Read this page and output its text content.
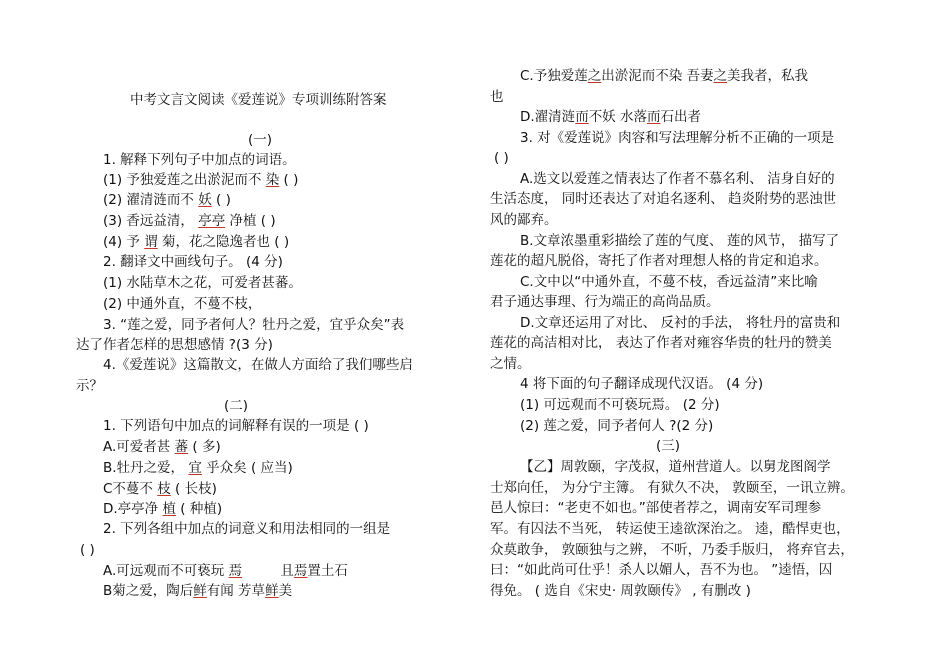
中考文言文阅读《爱莲说》专项训练附答案
(一)
1. 解释下列句子中加点的词语。
(1) 予独爱莲之出淤泥而不 染 ( )
(2) 濯清涟而不 妖 ( )
(3) 香远益清， 亭亭 净植 ( )
(4) 予 谓 菊，花之隐逸者也 ( )
2. 翻译文中画线句子。 (4 分)
(1) 水陆草木之花，可爱者甚蕃。
(2) 中通外直，不蔓不枝，
3. “莲之爱，同予者何人？牡丹之爱，宜乎众矣”表
达了作者怎样的思想感情 ?(3 分)
4.《爱莲说》这篇散文，在做人方面给了我们哪些启
示？
(二)
1. 下列语句中加点的词解释有误的一项是 ( )
A.可爱者甚 蕃 ( 多)
B.牡丹之爱， 宜 乎众矣 ( 应当)
C不蔓不 枝 ( 长枝)
D.亭亭净 植 ( 种植)
2. 下列各组中加点的词意义和用法相同的一组是
( )
A.可远观而不可亵玩 焉	且焉置土石
B菊之爱，陶后鲜有闻 芳草鲜美
C.予独爱莲之出淤泥而不染 吾妻之美我者，私我
也
D.濯清涟而不妖 水落而石出者
3. 对《爱莲说》肉容和写法理解分析不正确的一项是
( )
A.选文以爱莲之情表达了作者不慕名利、 洁身自好的
生活态度， 同时还表达了对追名逐利、 趋炎附势的恶浊世
风的鄙弃。
B.文章浓墨重彩描绘了莲的气度、 莲的风节， 描写了
莲花的超凡脱俗，寄托了作者对理想人格的肯定和追求。
C.文中以“中通外直，不蔓不枝，香远益清”来比喻
君子通达事理、行为端正的高尚品质。
D.文章还运用了对比、 反衬的手法， 将牡丹的富贵和
莲花的高洁相对比， 表达了作者对雍容华贵的牡丹的赞美
之情。
4 将下面的句子翻译成现代汉语。 (4 分)
(1) 可远观而不可亵玩焉。 (2 分)
(2) 莲之爱，同予者何人 ?(2 分)
(三)
【乙】周敦颐，字茂叔，道州营道人。以舅龙图阁学
士郑向任， 为分宁主簿。 有狱久不决， 敦颐至，一讯立辨。
邑人惊曰：“老吏不如也。”部使者荐之，调南安军司理参
军。有囚法不当死， 转运使王逵欲深治之。 逵，酷悍吏也，
众莫敢争， 敦颐独与之辨， 不听，乃委手版归， 将弃官去，
曰：“如此尚可仕乎！杀人以媚人，吾不为也。 ”逵悟，囚
得免。 ( 选自《宋史· 周敦颐传》 , 有删改 )
